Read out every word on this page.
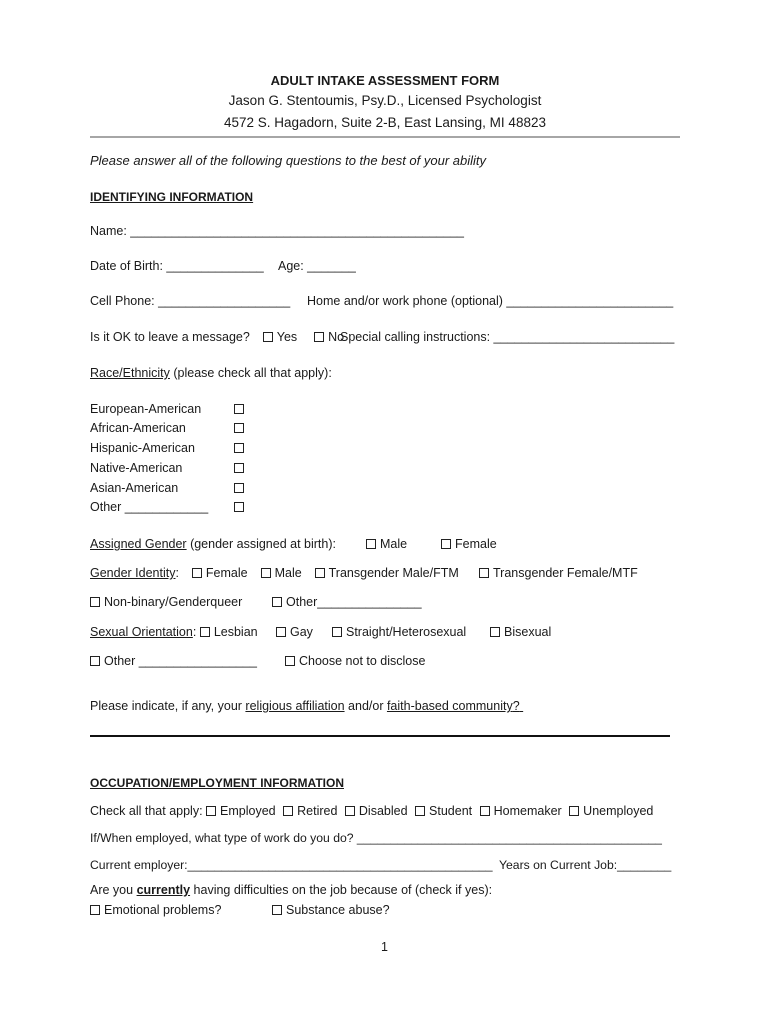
ADULT INTAKE ASSESSMENT FORM
Jason G. Stentoumis, Psy.D., Licensed Psychologist
4572 S. Hagadorn, Suite 2-B, East Lansing, MI 48823
Please answer all of the following questions to the best of your ability
IDENTIFYING INFORMATION
Name: ________________________________________________
Date of Birth: ______________ Age: _______
Cell Phone: ___________________ Home and/or work phone (optional) ________________________
Is it OK to leave a message? Yes No
Special calling instructions: __________________________
Race/Ethnicity (please check all that apply):
European-American
African-American
Hispanic-American
Native-American
Asian-American
Other ____________
Assigned Gender (gender assigned at birth):	Male	Female
Gender Identity: Female Male Transgender Male/FTM	Transgender Female/MTF
Non-binary/Genderqueer	Other_______________
Sexual Orientation: Lesbian	Gay	Straight/Heterosexual	Bisexual
Other _________________	Choose not to disclose
Please indicate, if any, your religious affiliation and/or faith-based community?
OCCUPATION/EMPLOYMENT INFORMATION
Check all that apply: Employed Retired Disabled Student Homemaker Unemployed
If/When employed, what type of work do you do? _____________________________________________
Current employer:_____________________________________________ Years on Current Job:________
Are you currently having difficulties on the job because of (check if yes):
Emotional problems?	Substance abuse?
1
